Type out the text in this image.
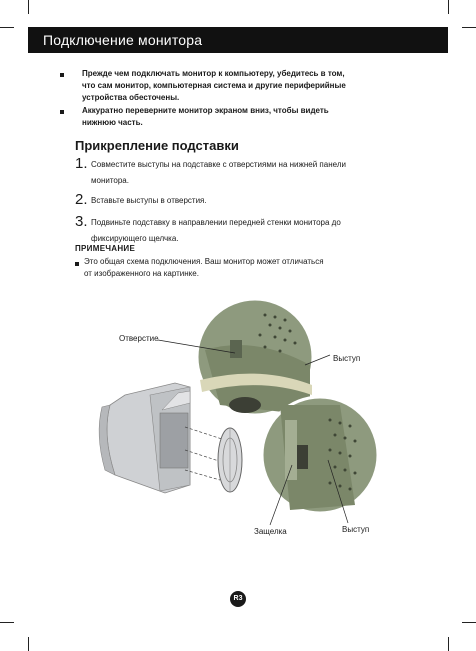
Подключение монитора
Прежде чем подключать монитор к компьютеру, убедитесь в том,
что сам монитор, компьютерная система и другие периферийные
устройства обесточены.
Аккуратно переверните монитор экраном вниз, чтобы видеть
нижнюю часть.
Прикрепление подставки
1. Совместите выступы на подставке с отверстиями на нижней панели
монитора.
2. Вставьте выступы в отверстия.
3. Подвиньте подставку в направлении передней стенки монитора до
фиксирующего щелчка.
ПРИМЕЧАНИЕ
Это общая схема подключения. Ваш монитор может отличаться
от изображенного на картинке.
Отверстие
Выступ
Защелка	Выступ
R3
